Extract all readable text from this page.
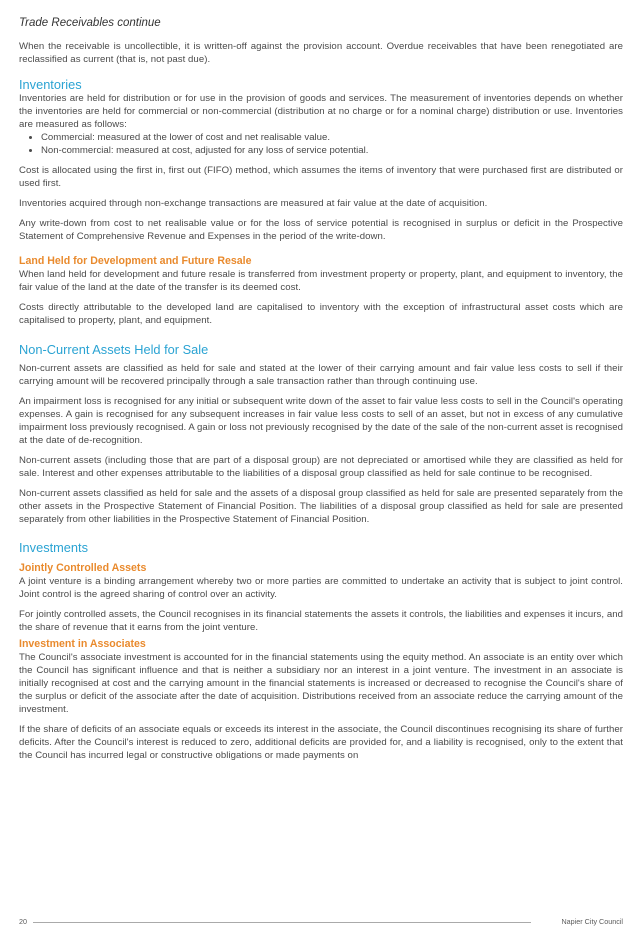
Trade Receivables continue

When the receivable is uncollectible, it is written-off against the provision account. Overdue receivables that have been renegotiated are reclassified as current (that is, not past due).

Inventories

Inventories are held for distribution or for use in the provision of goods and services. The measurement of inventories depends on whether the inventories are held for commercial or non-commercial (distribution at no charge or for a nominal charge) distribution or use. Inventories are measured as follows:

• Commercial: measured at the lower of cost and net realisable value.
• Non-commercial: measured at cost, adjusted for any loss of service potential.

Cost is allocated using the first in, first out (FIFO) method, which assumes the items of inventory that were purchased first are distributed or used first.

Inventories acquired through non-exchange transactions are measured at fair value at the date of acquisition.

Any write-down from cost to net realisable value or for the loss of service potential is recognised in surplus or deficit in the Prospective Statement of Comprehensive Revenue and Expenses in the period of the write-down.

Land Held for Development and Future Resale

When land held for development and future resale is transferred from investment property or property, plant, and equipment to inventory, the fair value of the land at the date of the transfer is its deemed cost.

Costs directly attributable to the developed land are capitalised to inventory with the exception of infrastructural asset costs which are capitalised to property, plant, and equipment.

Non-Current Assets Held for Sale

Non-current assets are classified as held for sale and stated at the lower of their carrying amount and fair value less costs to sell if their carrying amount will be recovered principally through a sale transaction rather than through continuing use.

An impairment loss is recognised for any initial or subsequent write down of the asset to fair value less costs to sell in the Council's operating expenses. A gain is recognised for any subsequent increases in fair value less costs to sell of an asset, but not in excess of any cumulative impairment loss previously recognised. A gain or loss not previously recognised by the date of the sale of the non-current asset is recognised at the date of de-recognition.

Non-current assets (including those that are part of a disposal group) are not depreciated or amortised while they are classified as held for sale. Interest and other expenses attributable to the liabilities of a disposal group classified as held for sale continue to be recognised.

Non-current assets classified as held for sale and the assets of a disposal group classified as held for sale are presented separately from the other assets in the Prospective Statement of Financial Position. The liabilities of a disposal group classified as held for sale are presented separately from other liabilities in the Prospective Statement of Financial Position.

Investments
Jointly Controlled Assets

A joint venture is a binding arrangement whereby two or more parties are committed to undertake an activity that is subject to joint control. Joint control is the agreed sharing of control over an activity.

For jointly controlled assets, the Council recognises in its financial statements the assets it controls, the liabilities and expenses it incurs, and the share of revenue that it earns from the joint venture.

Investment in Associates

The Council's associate investment is accounted for in the financial statements using the equity method. An associate is an entity over which the Council has significant influence and that is neither a subsidiary nor an interest in a joint venture. The investment in an associate is initially recognised at cost and the carrying amount in the financial statements is increased or decreased to recognise the Council's share of the surplus or deficit of the associate after the date of acquisition. Distributions received from an associate reduce the carrying amount of the investment.

If the share of deficits of an associate equals or exceeds its interest in the associate, the Council discontinues recognising its share of further deficits. After the Council's interest is reduced to zero, additional deficits are provided for, and a liability is recognised, only to the extent that the Council has incurred legal or constructive obligations or made payments on

20	Napier City Council
